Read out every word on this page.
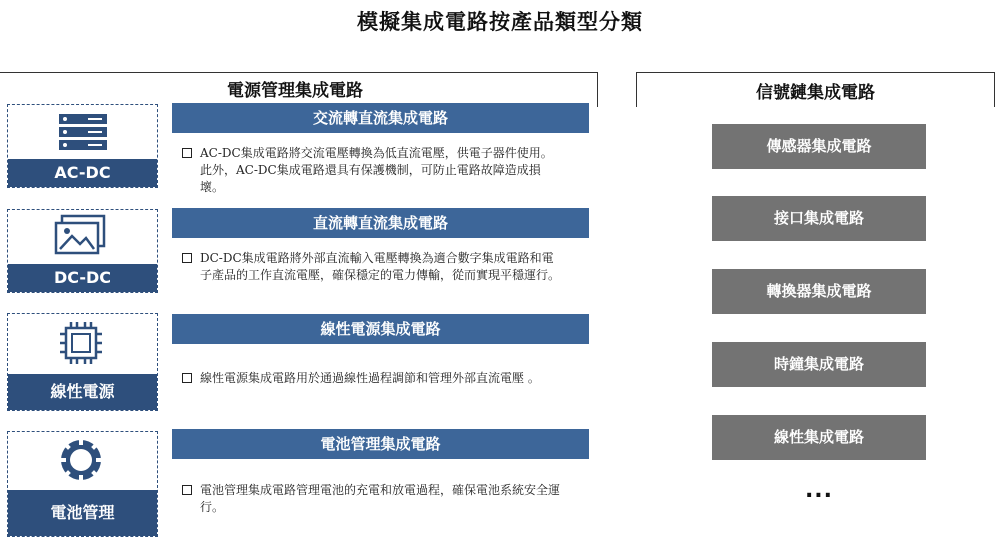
模擬集成電路按產品類型分類
電源管理集成電路
AC-DC
DC-DC
線性電源
電池管理
交流轉直流集成電路
AC-DC集成電路將交流電壓轉換為低直流電壓，供電子器件使用。此外，AC-DC集成電路還具有保護機制，可防止電路故障造成損壞。
直流轉直流集成電路
DC-DC集成電路將外部直流輸入電壓轉換為適合數字集成電路和電子產品的工作直流電壓，確保穩定的電力傳輸，從而實現平穩運行。
線性電源集成電路
線性電源集成電路用於通過線性過程調節和管理外部直流電壓 。
電池管理集成電路
電池管理集成電路管理電池的充電和放電過程，確保電池系統安全運行。
信號鏈集成電路
傳感器集成電路
接口集成電路
轉換器集成電路
時鐘集成電路
線性集成電路
...
